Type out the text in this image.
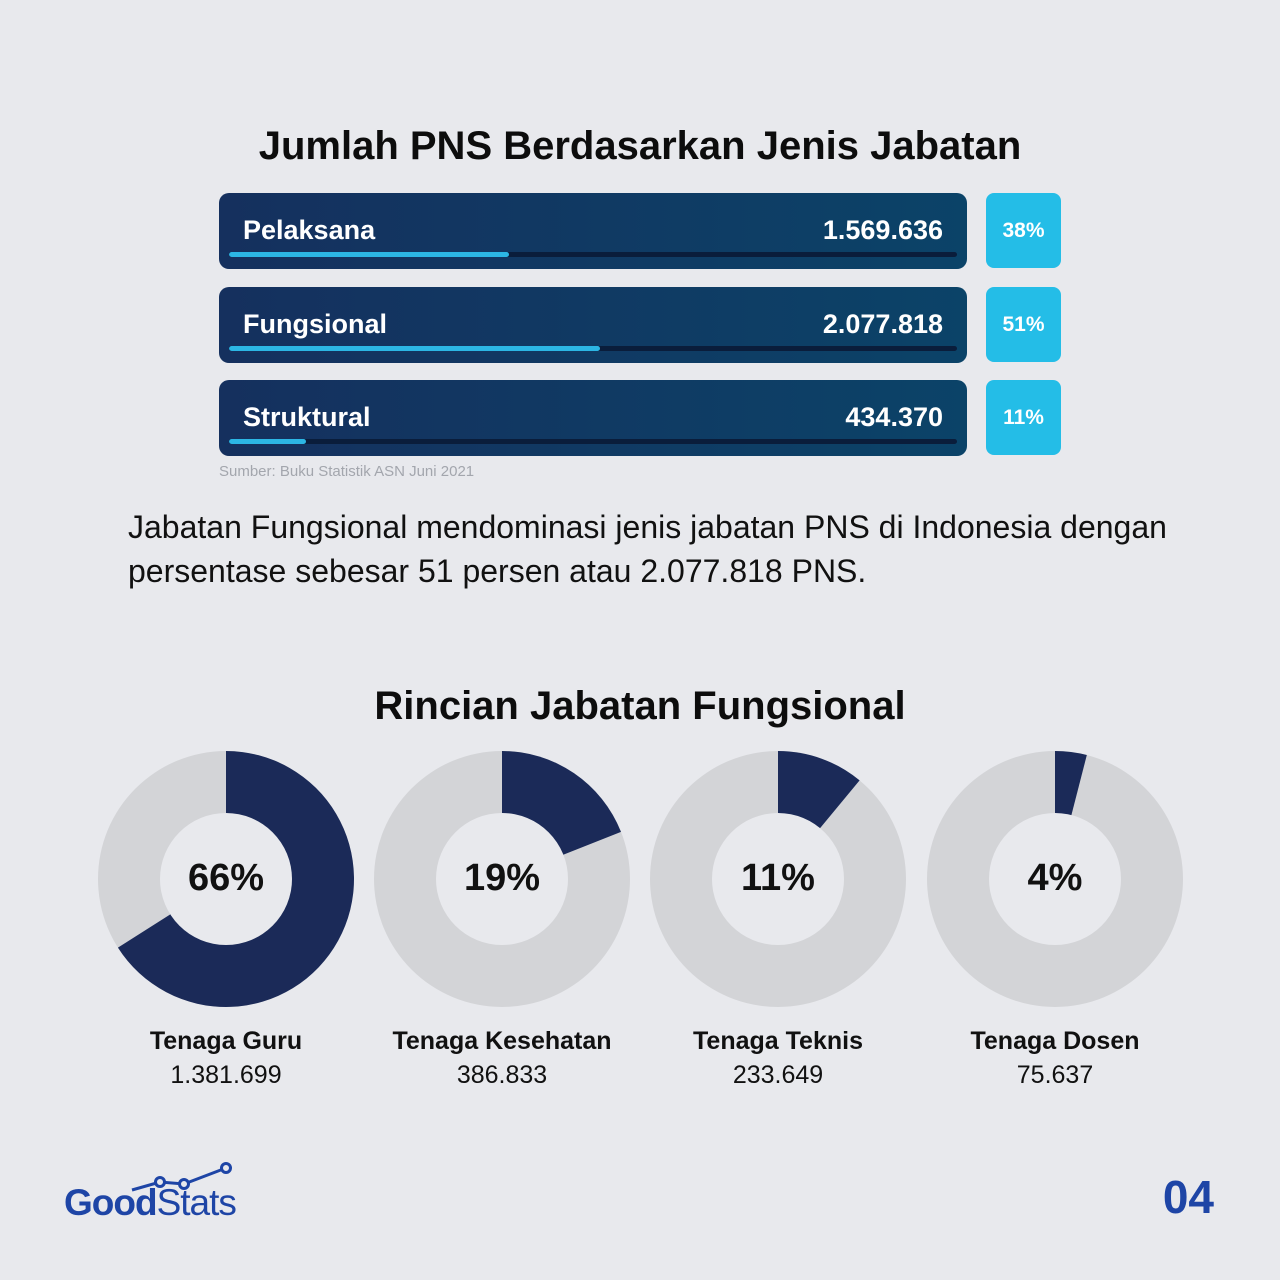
Jumlah PNS Berdasarkan Jenis Jabatan
Pelaksana	1.569.636	38%
Fungsional	2.077.818	51%
Struktural	434.370	11%
Sumber: Buku Statistik ASN Juni 2021
Jabatan Fungsional mendominasi jenis jabatan PNS di Indonesia dengan persentase sebesar 51 persen atau 2.077.818 PNS.
Rincian Jabatan Fungsional
66%
Tenaga Guru
1.381.699
19%
Tenaga Kesehatan
386.833
11%
Tenaga Teknis
233.649
4%
Tenaga Dosen
75.637
GoodStats	04
